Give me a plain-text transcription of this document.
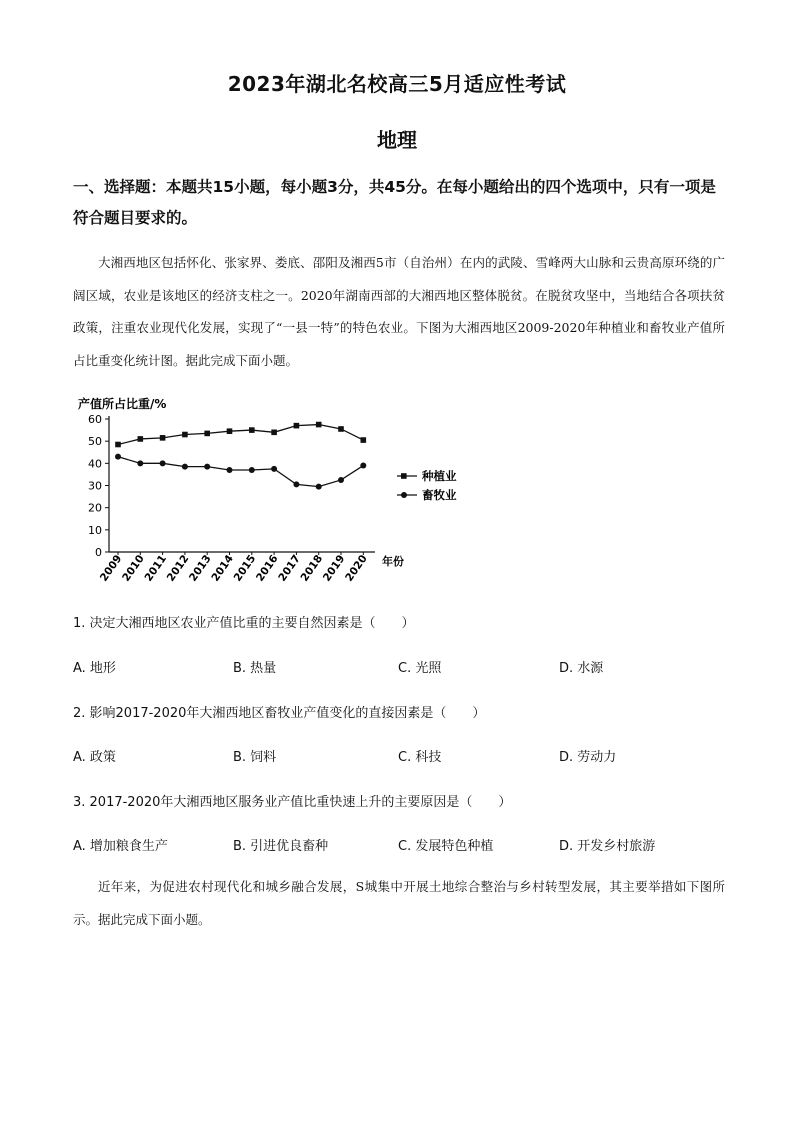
2023年湖北名校高三5月适应性考试
地理
一、选择题：本题共15小题，每小题3分，共45分。在每小题给出的四个选项中，只有一项是符合题目要求的。
大湘西地区包括怀化、张家界、娄底、邵阳及湘西5市（自治州）在内的武陵、雪峰两大山脉和云贵高原环绕的广阔区域，农业是该地区的经济支柱之一。2020年湖南西部的大湘西地区整体脱贫。在脱贫攻坚中，当地结合各项扶贫政策，注重农业现代化发展，实现了“一县一特”的特色农业。下图为大湘西地区2009-2020年种植业和畜牧业产值所占比重变化统计图。据此完成下面小题。
产值所占比重/%
0
10
20
30
40
50
60
2009
2010
2011
2012
2013
2014
2015
2016
2017
2018
2019
2020
种植业
畜牧业
年份
1. 决定大湘西地区农业产值比重的主要自然因素是（　　）
A. 地形	B. 热量	C. 光照	D. 水源
2. 影响2017-2020年大湘西地区畜牧业产值变化的直接因素是（　　）
A. 政策	B. 饲料	C. 科技	D. 劳动力
3. 2017-2020年大湘西地区服务业产值比重快速上升的主要原因是（　　）
A. 增加粮食生产	B. 引进优良畜种	C. 发展特色种植	D. 开发乡村旅游
近年来，为促进农村现代化和城乡融合发展，S城集中开展土地综合整治与乡村转型发展，其主要举措如下图所示。据此完成下面小题。
